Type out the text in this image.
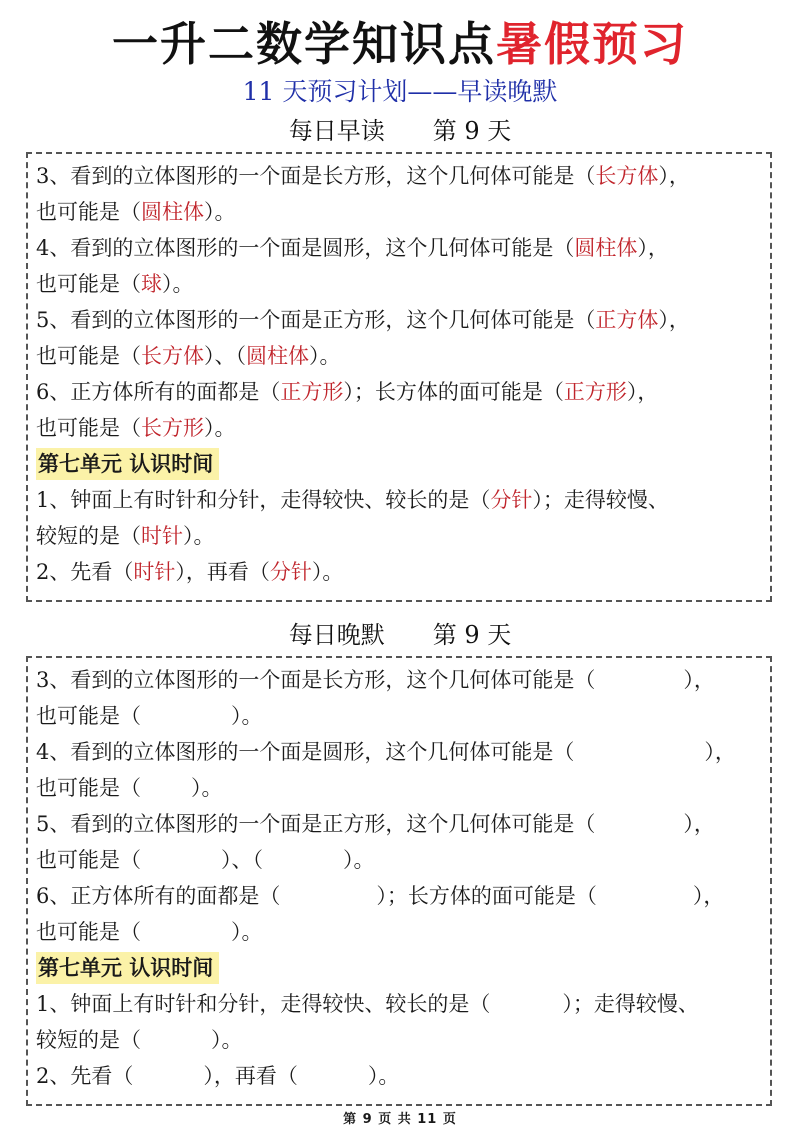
一升二数学知识点暑假预习
11 天预习计划——早读晚默
每日早读 第 9 天
3、看到的立体图形的一个面是长方形，这个几何体可能是（ 长方体 ），
也可能是（ 圆柱体 ）。
4、看到的立体图形的一个面是圆形，这个几何体可能是（ 圆柱体 ），
也可能是（ 球 ）。
5、看到的立体图形的一个面是正方形，这个几何体可能是（ 正方体 ），
也可能是（ 长方体 ）、（ 圆柱体 ）。
6、正方体所有的面都是（ 正方形 ）；长方体的面可能是（ 正方形 ），
也可能是（ 长方形 ）。
第七单元 认识时间
1、钟面上有时针和分针，走得较快、较长的是（ 分针 ）；走得较慢、
较短的是（ 时针 ）。
2、先看（ 时针 ），再看（ 分针 ）。
每日晚默 第 9 天
3、看到的立体图形的一个面是长方形，这个几何体可能是（	），
也可能是（	）。
4、看到的立体图形的一个面是圆形，这个几何体可能是（	），
也可能是（ ）。
5、看到的立体图形的一个面是正方形，这个几何体可能是（	），
也可能是（	）、（	）。
6、正方体所有的面都是（	）；长方体的面可能是（	），
也可能是（	）。
第七单元 认识时间
1、钟面上有时针和分针，走得较快、较长的是（	）；走得较慢、
较短的是（	）。
2、先看（	），再看（	）。
第 9 页 共 11 页
